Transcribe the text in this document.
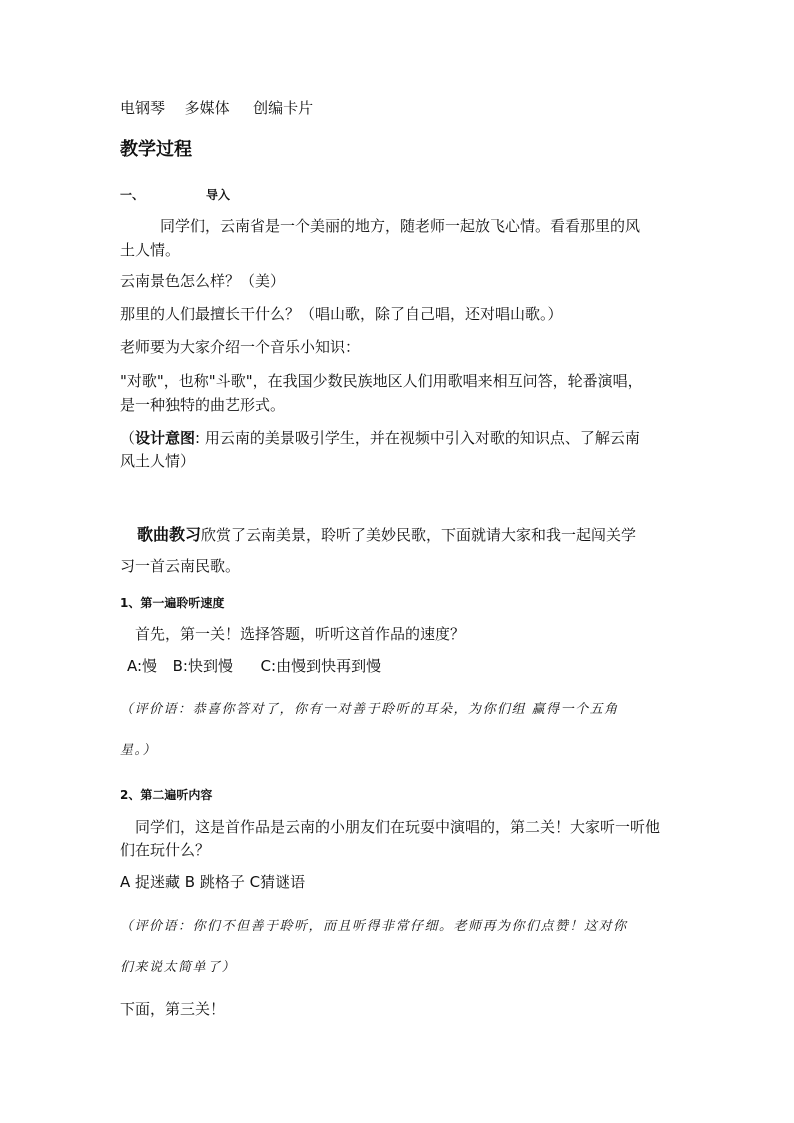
电钢琴 多媒体 创编卡片
教学过程
一、	导入
同学们，云南省是一个美丽的地方，随老师一起放飞心情。看看那里的风
土人情。
云南景色怎么样？（美）
那里的人们最擅长干什么？（唱山歌，除了自己唱，还对唱山歌。）
老师要为大家介绍一个音乐小知识：
"对歌"，也称"斗歌"，在我国少数民族地区人们用歌唱来相互问答，轮番演唱，
是一种独特的曲艺形式。
（设计意图: 用云南的美景吸引学生，并在视频中引入对歌的知识点、了解云南
风土人情）
歌曲教习欣赏了云南美景，聆听了美妙民歌，下面就请大家和我一起闯关学
习一首云南民歌。
1、第一遍聆听速度
首先，第一关！选择答题，听听这首作品的速度？
A:慢 B:快到慢 C:由慢到快再到慢
（评价语：恭喜你答对了，你有一对善于聆听的耳朵，为你们组 赢得一个五角
星。）
2、第二遍听内容
同学们，这是首作品是云南的小朋友们在玩耍中演唱的，第二关！大家听一听他
们在玩什么？
A 捉迷藏 B 跳格子 C猜谜语
（评价语：你们不但善于聆听，而且听得非常仔细。老师再为你们点赞！这对你
们来说太简单了）
下面，第三关！
